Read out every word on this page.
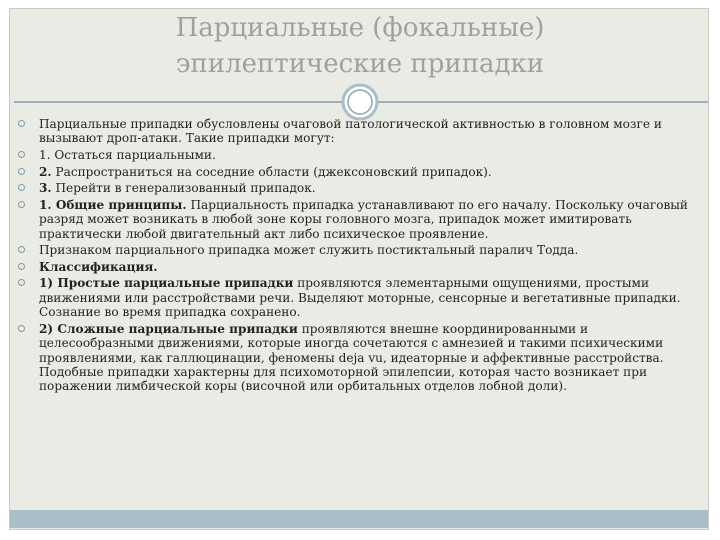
Парциальные (фокальные)
эпилептические припадки
Парциальные припадки обусловлены очаговой патологической активностью в головном мозге и вызывают дроп-атаки. Такие припадки могут:
1. Остаться парциальными.
2. Распространиться на соседние области (джексоновский припадок).
3. Перейти в генерализованный припадок.
1. Общие принципы. Парциальность припадка устанавливают по его началу. Поскольку очаговый разряд может возникать в любой зоне коры головного мозга, припадок может имитировать практически любой двигательный акт либо психическое проявление.
Признаком парциального припадка может служить постиктальный паралич Тодда.
Классификация.
1) Простые парциальные припадки проявляются элементарными ощущениями, простыми движениями или расстройствами речи. Выделяют моторные, сенсорные и вегетативные припадки. Сознание во время припадка сохранено.
2) Сложные парциальные припадки проявляются внешне координированными и целесообразными движениями, которые иногда сочетаются с амнезией и такими психическими проявлениями, как галлюцинации, феномены deja vu, идеаторные и аффективные расстройства. Подобные припадки характерны для психомоторной эпилепсии, которая часто возникает при поражении лимбической коры (височной или орбитальных отделов лобной доли).
